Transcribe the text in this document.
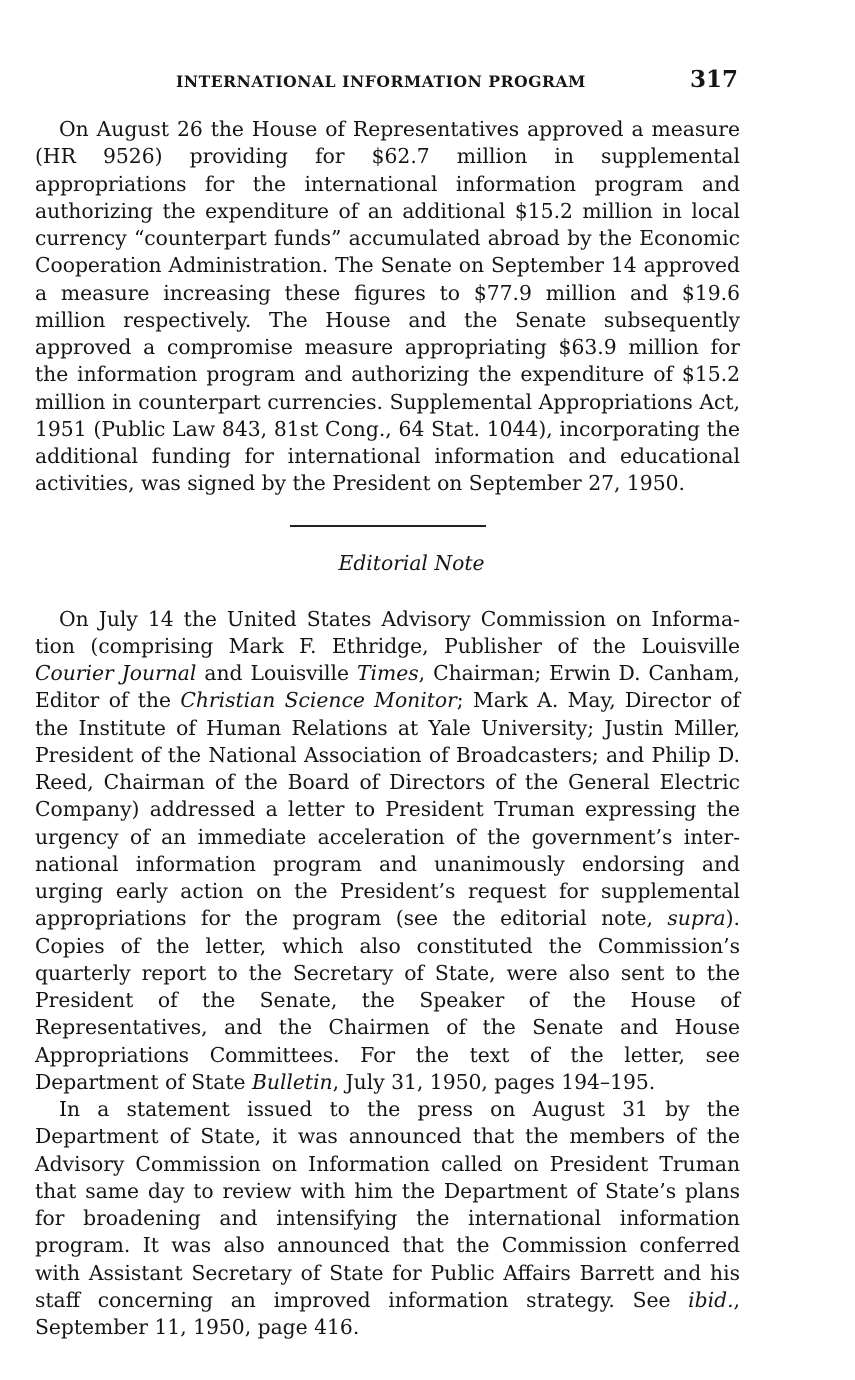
INTERNATIONAL INFORMATION PROGRAM	317

On August 26 the House of Representatives approved a measure (HR 9526) providing for $62.7 million in supplemental appropriations for the international information program and authorizing the expenditure of an additional $15.2 million in local currency “counterpart funds” accumulated abroad by the Economic Cooperation Administration. The Senate on September 14 approved a measure increasing these figures to $77.9 million and $19.6 million respectively. The House and the Senate subsequently approved a compromise measure appropriating $63.9 million for the information program and authorizing the expenditure of $15.2 million in counterpart currencies. Supplemental Appropriations Act, 1951 (Public Law 843, 81st Cong., 64 Stat. 1044), incorporating the additional funding for international information and educational activities, was signed by the President on September 27, 1950.

Editorial Note

On July 14 the United States Advisory Commission on Information (comprising Mark F. Ethridge, Publisher of the Louisville Courier Journal and Louisville Times, Chairman; Erwin D. Canham, Editor of the Christian Science Monitor; Mark A. May, Director of the Institute of Human Relations at Yale University; Justin Miller, President of the National Association of Broadcasters; and Philip D. Reed, Chairman of the Board of Directors of the General Electric Company) addressed a letter to President Truman expressing the urgency of an immediate acceleration of the government’s international information program and unanimously endorsing and urging early action on the President’s request for supplemental appropriations for the program (see the editorial note, supra). Copies of the letter, which also constituted the Commission’s quarterly report to the Secretary of State, were also sent to the President of the Senate, the Speaker of the House of Representatives, and the Chairmen of the Senate and House Appropriations Committees. For the text of the letter, see Department of State Bulletin, July 31, 1950, pages 194–195.

In a statement issued to the press on August 31 by the Department of State, it was announced that the members of the Advisory Commission on Information called on President Truman that same day to review with him the Department of State’s plans for broadening and intensifying the international information program. It was also announced that the Commission conferred with Assistant Secretary of State for Public Affairs Barrett and his staff concerning an improved information strategy. See ibid., September 11, 1950, page 416.
